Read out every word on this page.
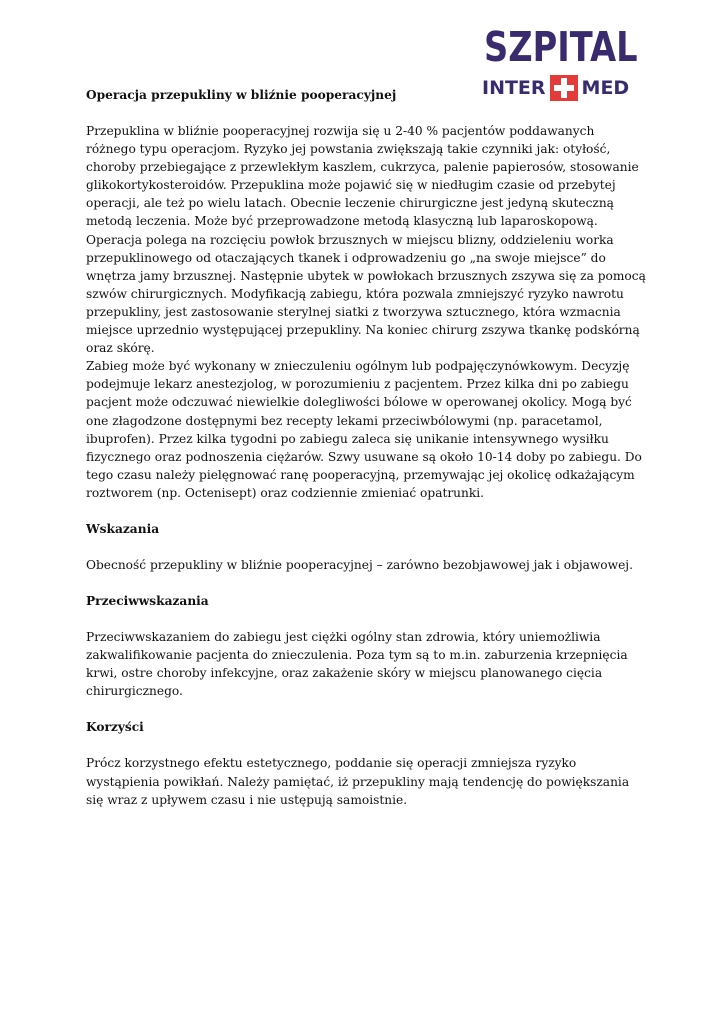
SZPITAL
INTER MED
Operacja przepukliny w bliźnie pooperacyjnej

Przepuklina w bliźnie pooperacyjnej rozwija się u 2-40 % pacjentów poddawanych różnego typu operacjom. Ryzyko jej powstania zwiększają takie czynniki jak: otyłość, choroby przebiegające z przewlekłym kaszlem, cukrzyca, palenie papierosów, stosowanie glikokortykosteroidów. Przepuklina może pojawić się w niedługim czasie od przebytej operacji, ale też po wielu latach. Obecnie leczenie chirurgiczne jest jedyną skuteczną metodą leczenia. Może być przeprowadzone metodą klasyczną lub laparoskopową. Operacja polega na rozcięciu powłok brzusznych w miejscu blizny, oddzieleniu worka przepuklinowego od otaczających tkanek i odprowadzeniu go „na swoje miejsce” do wnętrza jamy brzusznej. Następnie ubytek w powłokach brzusznych zszywa się za pomocą szwów chirurgicznych. Modyfikacją zabiegu, która pozwala zmniejszyć ryzyko nawrotu przepukliny, jest zastosowanie sterylnej siatki z tworzywa sztucznego, która wzmacnia miejsce uprzednio występującej przepukliny. Na koniec chirurg zszywa tkankę podskórną oraz skórę.

Zabieg może być wykonany w znieczuleniu ogólnym lub podpajęczynówkowym. Decyzję podejmuje lekarz anestezjolog, w porozumieniu z pacjentem. Przez kilka dni po zabiegu pacjent może odczuwać niewielkie dolegliwości bólowe w operowanej okolicy. Mogą być one złagodzone dostępnymi bez recepty lekami przeciwbólowymi (np. paracetamol, ibuprofen). Przez kilka tygodni po zabiegu zaleca się unikanie intensywnego wysiłku fizycznego oraz podnoszenia ciężarów. Szwy usuwane są około 10-14 doby po zabiegu. Do tego czasu należy pielęgnować ranę pooperacyjną, przemywając jej okolicę odkażającym roztworem (np. Octenisept) oraz codziennie zmieniać opatrunki.

Wskazania

Obecność przepukliny w bliźnie pooperacyjnej – zarówno bezobjawowej jak i objawowej.

Przeciwwskazania

Przeciwwskazaniem do zabiegu jest ciężki ogólny stan zdrowia, który uniemożliwia zakwalifikowanie pacjenta do znieczulenia. Poza tym są to m.in. zaburzenia krzepnięcia krwi, ostre choroby infekcyjne, oraz zakażenie skóry w miejscu planowanego cięcia chirurgicznego.

Korzyści

Prócz korzystnego efektu estetycznego, poddanie się operacji zmniejsza ryzyko wystąpienia powikłań. Należy pamiętać, iż przepukliny mają tendencję do powiększania się wraz z upływem czasu i nie ustępują samoistnie.
